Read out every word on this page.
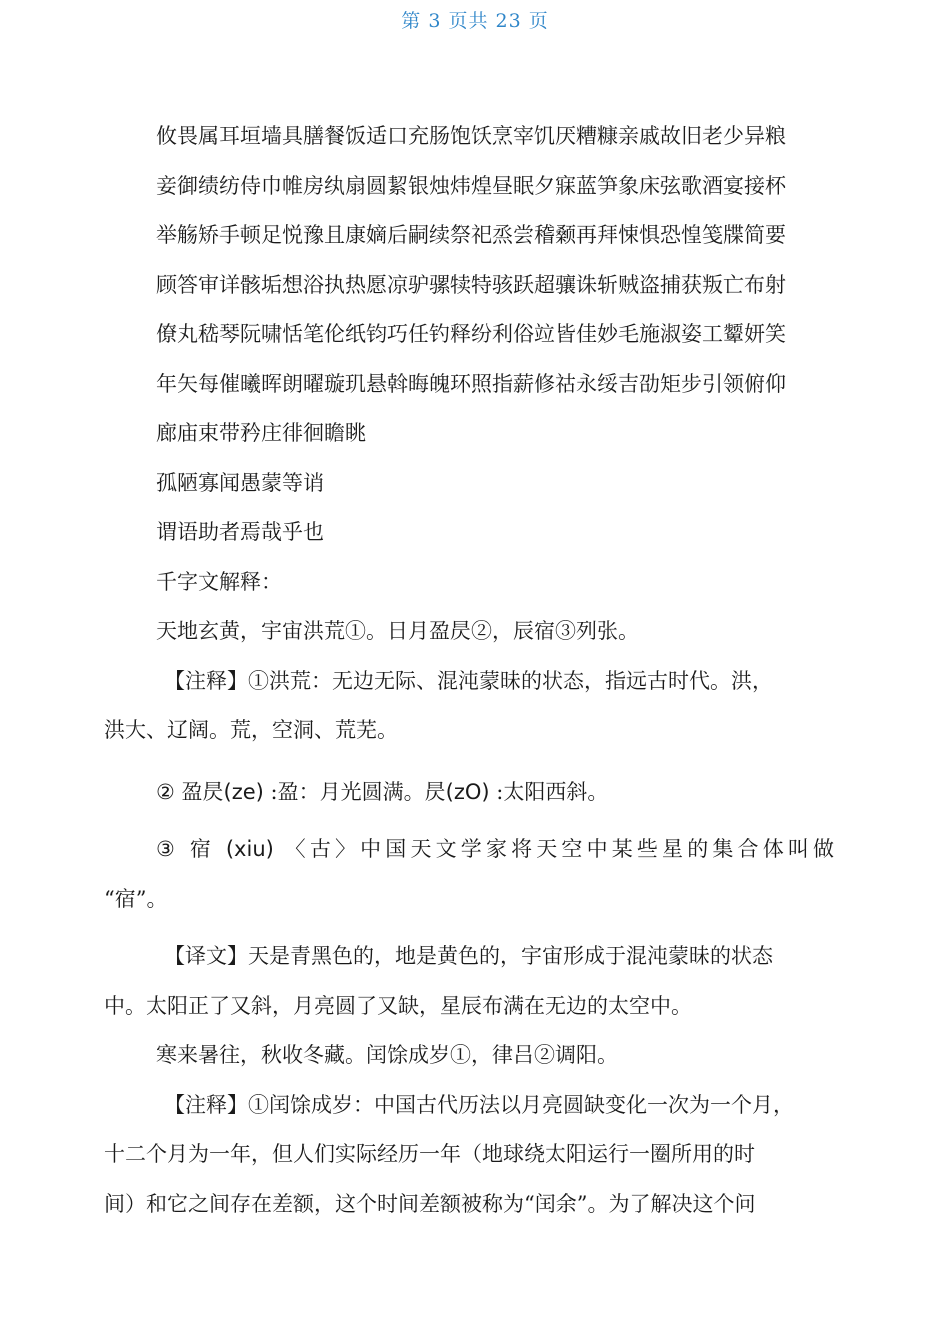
第 3 页共 23 页
攸畏属耳垣墙具膳餐饭适口充肠饱饫烹宰饥厌糟糠亲戚故旧老少异粮
妾御绩纺侍巾帷房纨扇圆絜银烛炜煌昼眠夕寐蓝笋象床弦歌酒宴接杯
举觞矫手顿足悦豫且康嫡后嗣续祭祀烝尝稽颡再拜悚惧恐惶笺牒简要
顾答审详骸垢想浴执热愿凉驴骡犊特骇跃超骧诛斩贼盗捕获叛亡布射
僚丸嵇琴阮啸恬笔伦纸钧巧任钓释纷利俗竝皆佳妙毛施淑姿工颦妍笑
年矢每催曦晖朗曜璇玑悬斡晦魄环照指薪修祜永绥吉劭矩步引领俯仰
廊庙束带矜庄徘徊瞻眺
孤陋寡闻愚蒙等诮
谓语助者焉哉乎也
千字文解释：
天地玄黄，宇宙洪荒①。日月盈昃②，辰宿③列张。
【注释】①洪荒：无边无际、混沌蒙昧的状态，指远古时代。洪，
洪大、辽阔。荒，空洞、荒芜。
② 盈昃(ze) :盈：月光圆满。昃(zO) :太阳西斜。
③ 宿 (xiu) 〈古〉中国天文学家将天空中某些星的集合体叫做
“宿”。
【译文】天是青黑色的，地是黄色的，宇宙形成于混沌蒙昧的状态
中。太阳正了又斜，月亮圆了又缺，星辰布满在无边的太空中。
寒来暑往，秋收冬藏。闰馀成岁①，律吕②调阳。
【注释】①闰馀成岁：中国古代历法以月亮圆缺变化一次为一个月，
十二个月为一年，但人们实际经历一年（地球绕太阳运行一圈所用的时
间）和它之间存在差额，这个时间差额被称为“闰余”。为了解决这个问
